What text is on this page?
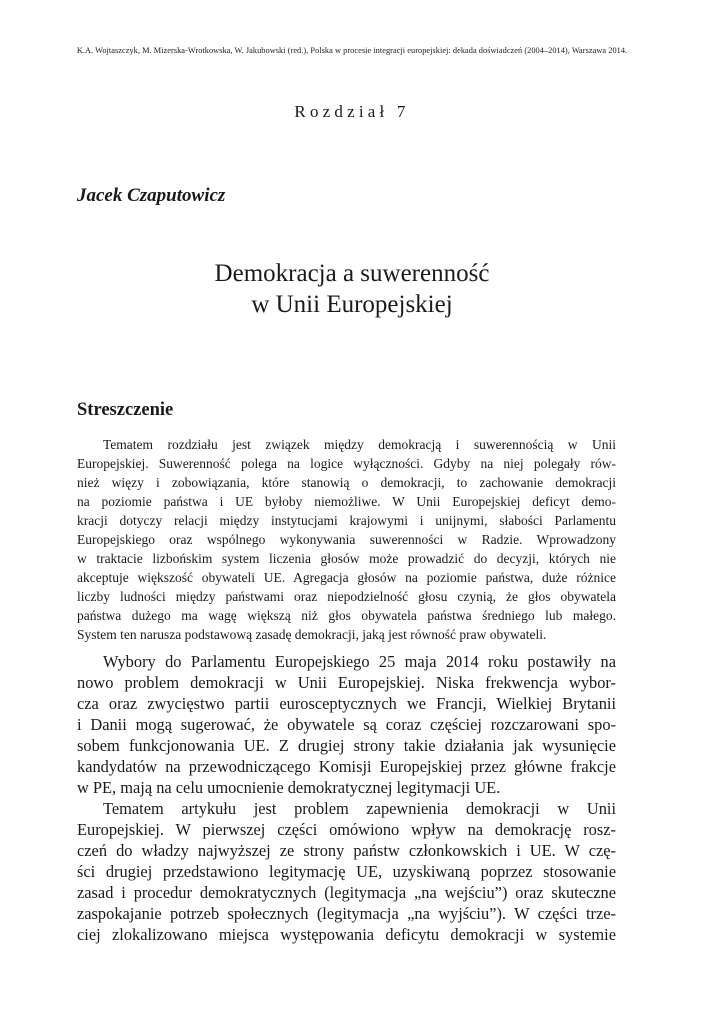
K.A. Wojtaszczyk, M. Mizerska-Wrotkowska, W. Jakubowski (red.), Polska w procesie integracji europejskiej: dekada doświadczeń (2004–2014), Warszawa 2014.
Rozdział 7
Jacek Czaputowicz
Demokracja a suwerenność
w Unii Europejskiej
Streszczenie
Tematem rozdziału jest związek między demokracją i suwerennością w Unii
Europejskiej. Suwerenność polega na logice wyłączności. Gdyby na niej polegały rów-
nież więzy i zobowiązania, które stanowią o demokracji, to zachowanie demokracji
na poziomie państwa i UE byłoby niemożliwe. W Unii Europejskiej deficyt demo-
kracji dotyczy relacji między instytucjami krajowymi i unijnymi, słabości Parlamentu
Europejskiego oraz wspólnego wykonywania suwerenności w Radzie. Wprowadzony
w traktacie lizbońskim system liczenia głosów może prowadzić do decyzji, których nie
akceptuje większość obywateli UE. Agregacja głosów na poziomie państwa, duże różnice
liczby ludności między państwami oraz niepodzielność głosu czynią, że głos obywatela
państwa dużego ma wagę większą niż głos obywatela państwa średniego lub małego.
System ten narusza podstawową zasadę demokracji, jaką jest równość praw obywateli.
Wybory do Parlamentu Europejskiego 25 maja 2014 roku postawiły na
nowo problem demokracji w Unii Europejskiej. Niska frekwencja wybor-
cza oraz zwycięstwo partii eurosceptycznych we Francji, Wielkiej Brytanii
i Danii mogą sugerować, że obywatele są coraz częściej rozczarowani spo-
sobem funkcjonowania UE. Z drugiej strony takie działania jak wysunięcie
kandydatów na przewodniczącego Komisji Europejskiej przez główne frakcje
w PE, mają na celu umocnienie demokratycznej legitymacji UE.
Tematem artykułu jest problem zapewnienia demokracji w Unii
Europejskiej. W pierwszej części omówiono wpływ na demokrację rosz-
czeń do władzy najwyższej ze strony państw członkowskich i UE. W czę-
ści drugiej przedstawiono legitymację UE, uzyskiwaną poprzez stosowanie
zasad i procedur demokratycznych (legitymacja „na wejściu”) oraz skuteczne
zaspokajanie potrzeb społecznych (legitymacja „na wyjściu”). W części trze-
ciej zlokalizowano miejsca występowania deficytu demokracji w systemie
